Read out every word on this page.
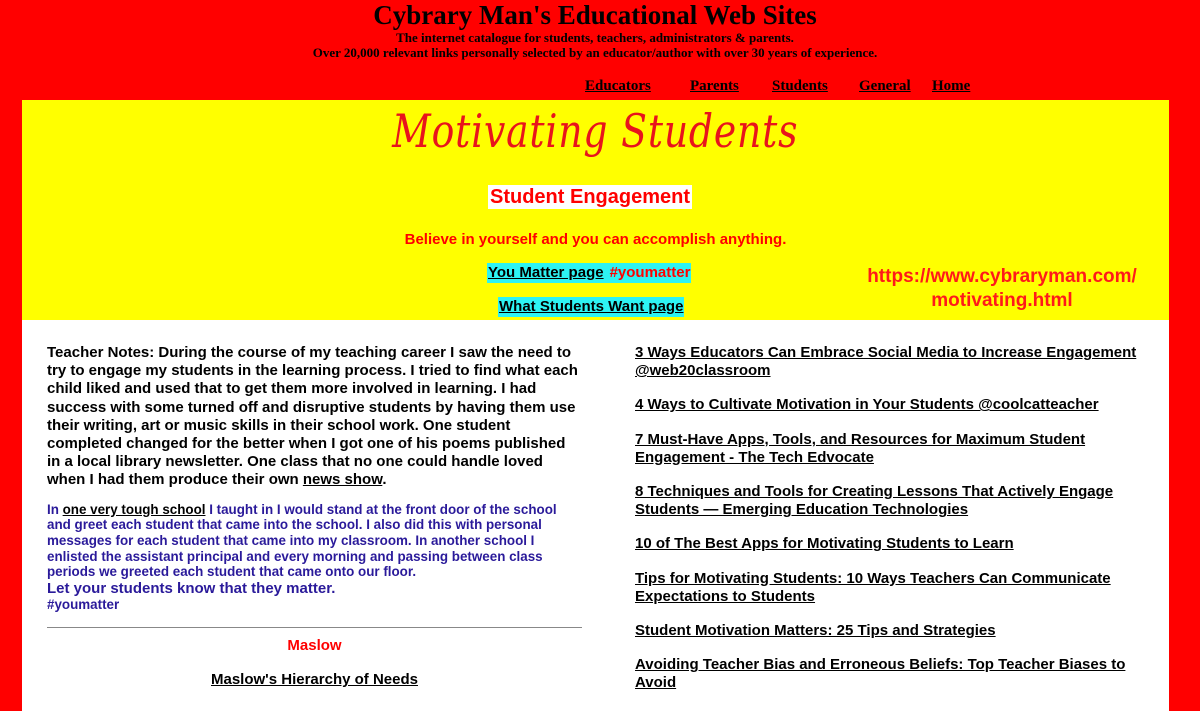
Cybrary Man's Educational Web Sites

The internet catalogue for students, teachers, administrators & parents.

Over 20,000 relevant links personally selected by an educator/author with over 30 years of experience.

Educators	Parents Students General Home
Motivating Students
Student Engagement
Believe in yourself and you can accomplish anything.
You Matter page #youmatter
What Students Want page
https://www.cybraryman.com/
motivating.html

Teacher Notes: During the course of my teaching career I saw the need to try to engage my students in the learning process. I tried to find what each child liked and used that to get them more involved in learning. I had success with some turned off and disruptive students by having them use their writing, art or music skills in their school work. One student completed changed for the better when I got one of his poems published in a local library newsletter. One class that no one could handle loved when I had them produce their own news show.

In one very tough school I taught in I would stand at the front door of the school and greet each student that came into the school. I also did this with personal messages for each student that came into my classroom. In another school I enlisted the assistant principal and every morning and passing between class periods we greeted each student that came onto our floor.

Let your students know that they matter.

#youmatter

Maslow

Maslow's Hierarchy of Needs

3 Ways Educators Can Embrace Social Media to Increase Engagement @web20classroom
4 Ways to Cultivate Motivation in Your Students @coolcatteacher
7 Must-Have Apps, Tools, and Resources for Maximum Student Engagement - The Tech Edvocate
8 Techniques and Tools for Creating Lessons That Actively Engage Students — Emerging Education Technologies
10 of The Best Apps for Motivating Students to Learn
Tips for Motivating Students: 10 Ways Teachers Can Communicate Expectations to Students
Student Motivation Matters: 25 Tips and Strategies
Avoiding Teacher Bias and Erroneous Beliefs: Top Teacher Biases to Avoid
